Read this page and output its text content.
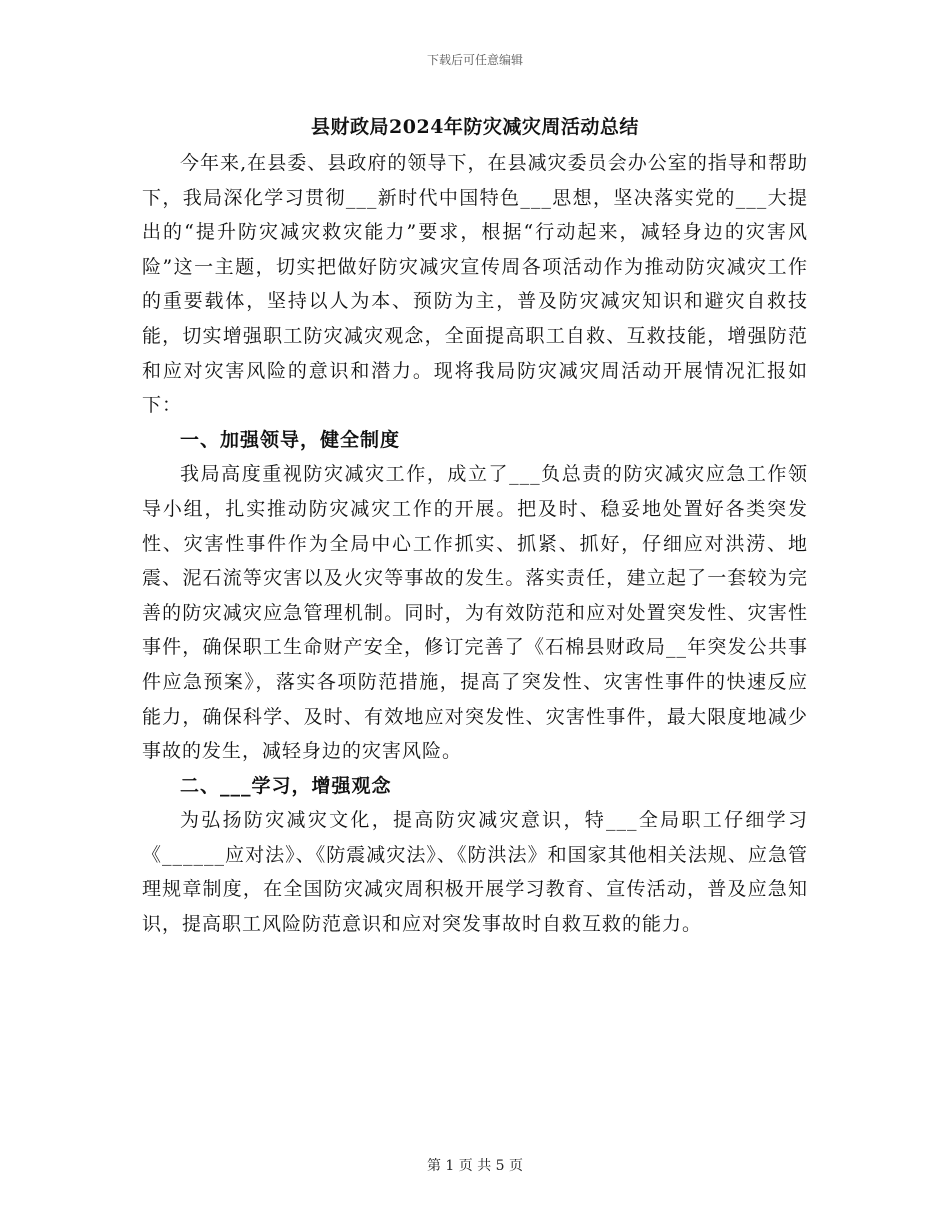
下载后可任意编辑
县财政局2024年防灾减灾周活动总结

今年来,在县委、县政府的领导下，在县减灾委员会办公室的指导和帮助下，我局深化学习贯彻___新时代中国特色___思想，坚决落实党的___大提出的“提升防灾减灾救灾能力”要求，根据“行动起来，减轻身边的灾害风险”这一主题，切实把做好防灾减灾宣传周各项活动作为推动防灾减灾工作的重要载体，坚持以人为本、预防为主，普及防灾减灾知识和避灾自救技能，切实增强职工防灾减灾观念，全面提高职工自救、互救技能，增强防范和应对灾害风险的意识和潜力。现将我局防灾减灾周活动开展情况汇报如下：

一、加强领导，健全制度

我局高度重视防灾减灾工作，成立了___负总责的防灾减灾应急工作领导小组，扎实推动防灾减灾工作的开展。把及时、稳妥地处置好各类突发性、灾害性事件作为全局中心工作抓实、抓紧、抓好，仔细应对洪涝、地震、泥石流等灾害以及火灾等事故的发生。落实责任，建立起了一套较为完善的防灾减灾应急管理机制。同时，为有效防范和应对处置突发性、灾害性事件，确保职工生命财产安全，修订完善了《石棉县财政局__年突发公共事件应急预案》，落实各项防范措施，提高了突发性、灾害性事件的快速反应能力，确保科学、及时、有效地应对突发性、灾害性事件，最大限度地减少事故的发生，减轻身边的灾害风险。

二、___学习，增强观念

为弘扬防灾减灾文化，提高防灾减灾意识，特___全局职工仔细学习《______应对法》、《防震减灾法》、《防洪法》和国家其他相关法规、应急管理规章制度，在全国防灾减灾周积极开展学习教育、宣传活动，普及应急知识，提高职工风险防范意识和应对突发事故时自救互救的能力。

第 1 页 共 5 页
